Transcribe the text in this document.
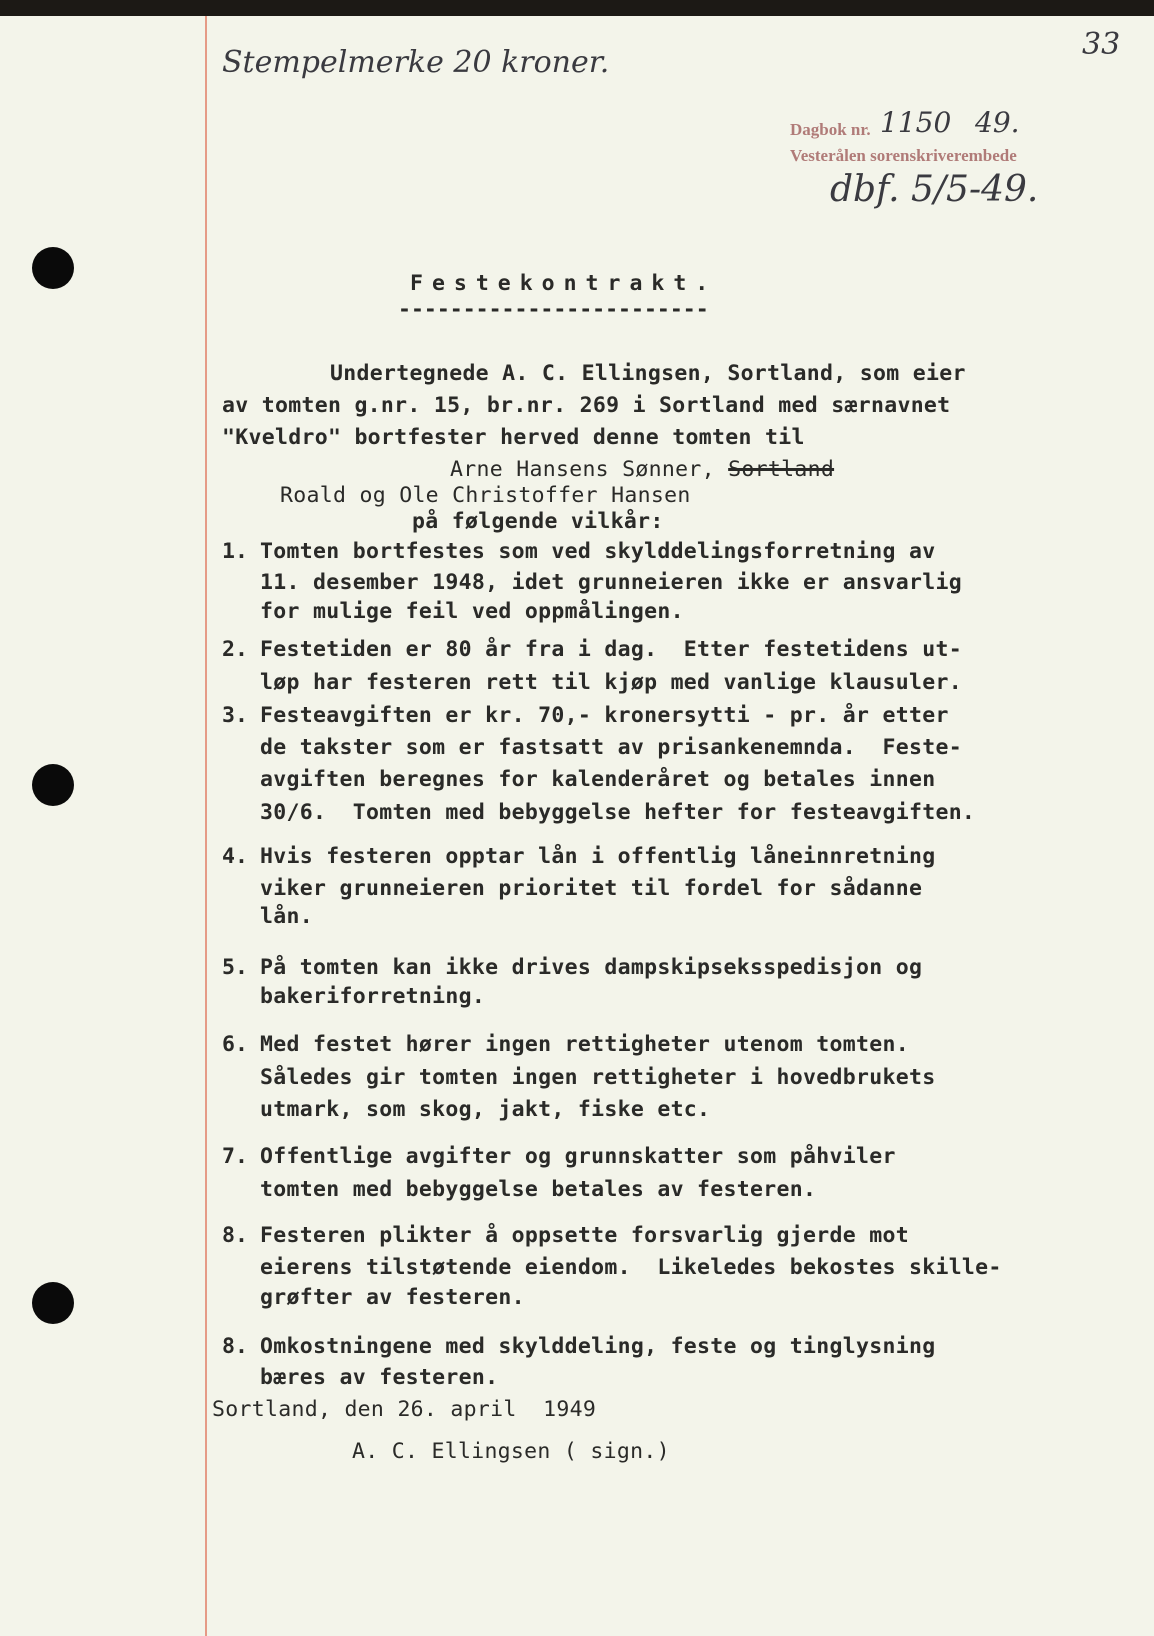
Stempelmerke 20 kroner.
33
Dagbok nr. 1150 49.
Vesterålen sorenskriverembede
dbf. 5/5-49.
Festekontrakt.
------------------------
Undertegnede A. C. Ellingsen, Sortland, som eier
av tomten g.nr. 15, br.nr. 269 i Sortland med særnavnet
"Kveldro" bortfester herved denne tomten til
Arne Hansens Sønner, Sortland
Roald og Ole Christoffer Hansen
på følgende vilkår:
1. Tomten bortfestes som ved skylddelingsforretning av
11. desember 1948, idet grunneieren ikke er ansvarlig
for mulige feil ved oppmålingen.
2. Festetiden er 80 år fra i dag.  Etter festetidens ut-
løp har festeren rett til kjøp med vanlige klausuler.
3. Festeavgiften er kr. 70,- kronersytti - pr. år etter
de takster som er fastsatt av prisankenemnda.  Feste-
avgiften beregnes for kalenderåret og betales innen
30/6.  Tomten med bebyggelse hefter for festeavgiften.
4. Hvis festeren opptar lån i offentlig låneinnretning
viker grunneieren prioritet til fordel for sådanne
lån.
5. På tomten kan ikke drives dampskipseksspedisjon og
bakeriforretning.
6. Med festet hører ingen rettigheter utenom tomten.
Således gir tomten ingen rettigheter i hovedbrukets
utmark, som skog, jakt, fiske etc.
7. Offentlige avgifter og grunnskatter som påhviler
tomten med bebyggelse betales av festeren.
8. Festeren plikter å oppsette forsvarlig gjerde mot
eierens tilstøtende eiendom.  Likeledes bekostes skille-
grøfter av festeren.
8. Omkostningene med skylddeling, feste og tinglysning
bæres av festeren.
Sortland, den 26. april  1949
A. C. Ellingsen ( sign.)
